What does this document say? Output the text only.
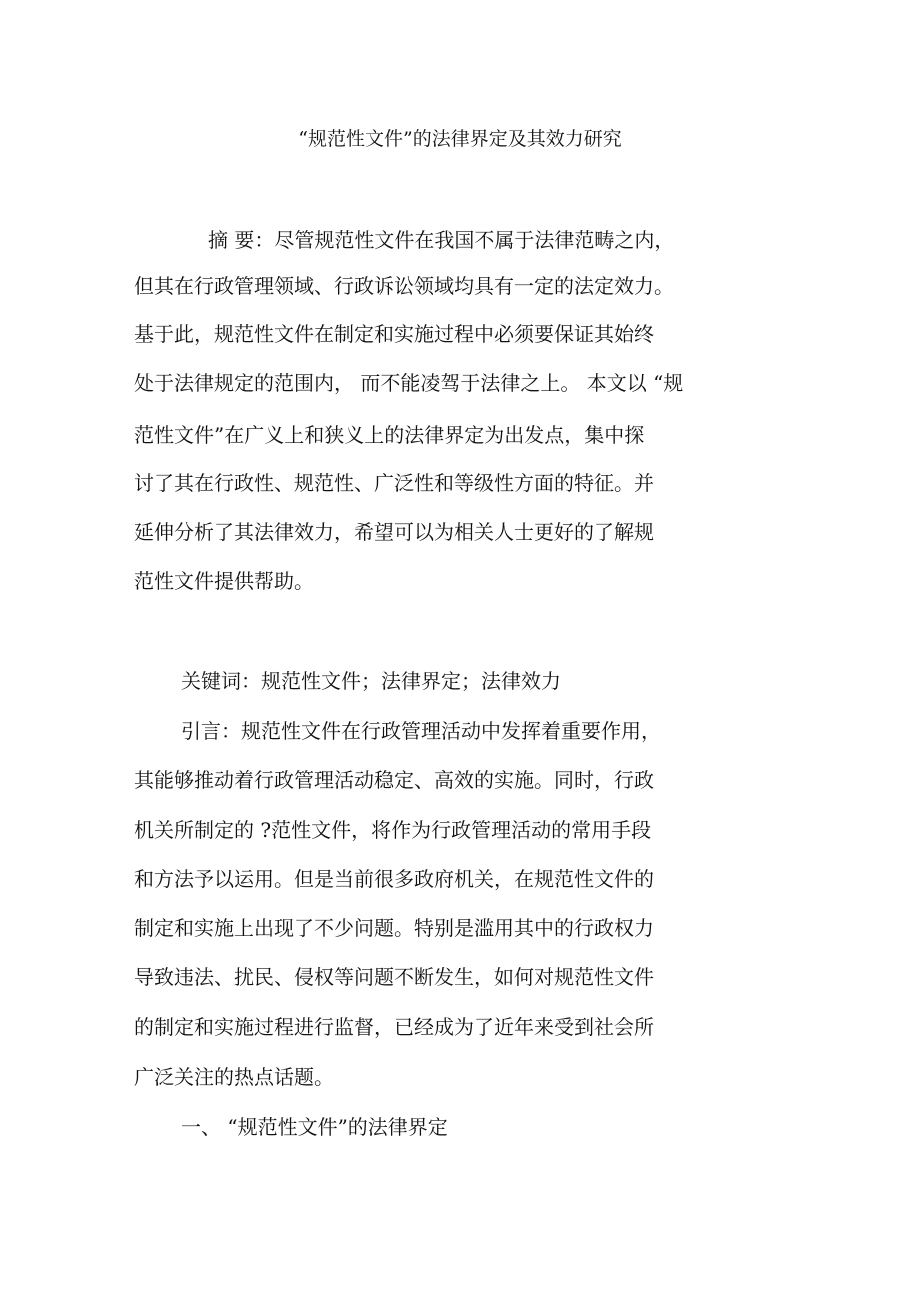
“规范性文件”的法律界定及其效力研究
摘 要：尽管规范性文件在我国不属于法律范畴之内，
但其在行政管理领域、行政诉讼领域均具有一定的法定效力。
基于此，规范性文件在制定和实施过程中必须要保证其始终
处于法律规定的范围内， 而不能凌驾于法律之上。 本文以 “规
范性文件”在广义上和狭义上的法律界定为出发点，集中探
讨了其在行政性、规范性、广泛性和等级性方面的特征。并
延伸分析了其法律效力，希望可以为相关人士更好的了解规
范性文件提供帮助。
关键词：规范性文件；法律界定；法律效力
引言：规范性文件在行政管理活动中发挥着重要作用，
其能够推动着行政管理活动稳定、高效的实施。同时，行政
机关所制定的 ?范性文件，将作为行政管理活动的常用手段
和方法予以运用。但是当前很多政府机关，在规范性文件的
制定和实施上出现了不少问题。特别是滥用其中的行政权力
导致违法、扰民、侵权等问题不断发生，如何对规范性文件
的制定和实施过程进行监督，已经成为了近年来受到社会所
广泛关注的热点话题。
一、 “规范性文件”的法律界定
